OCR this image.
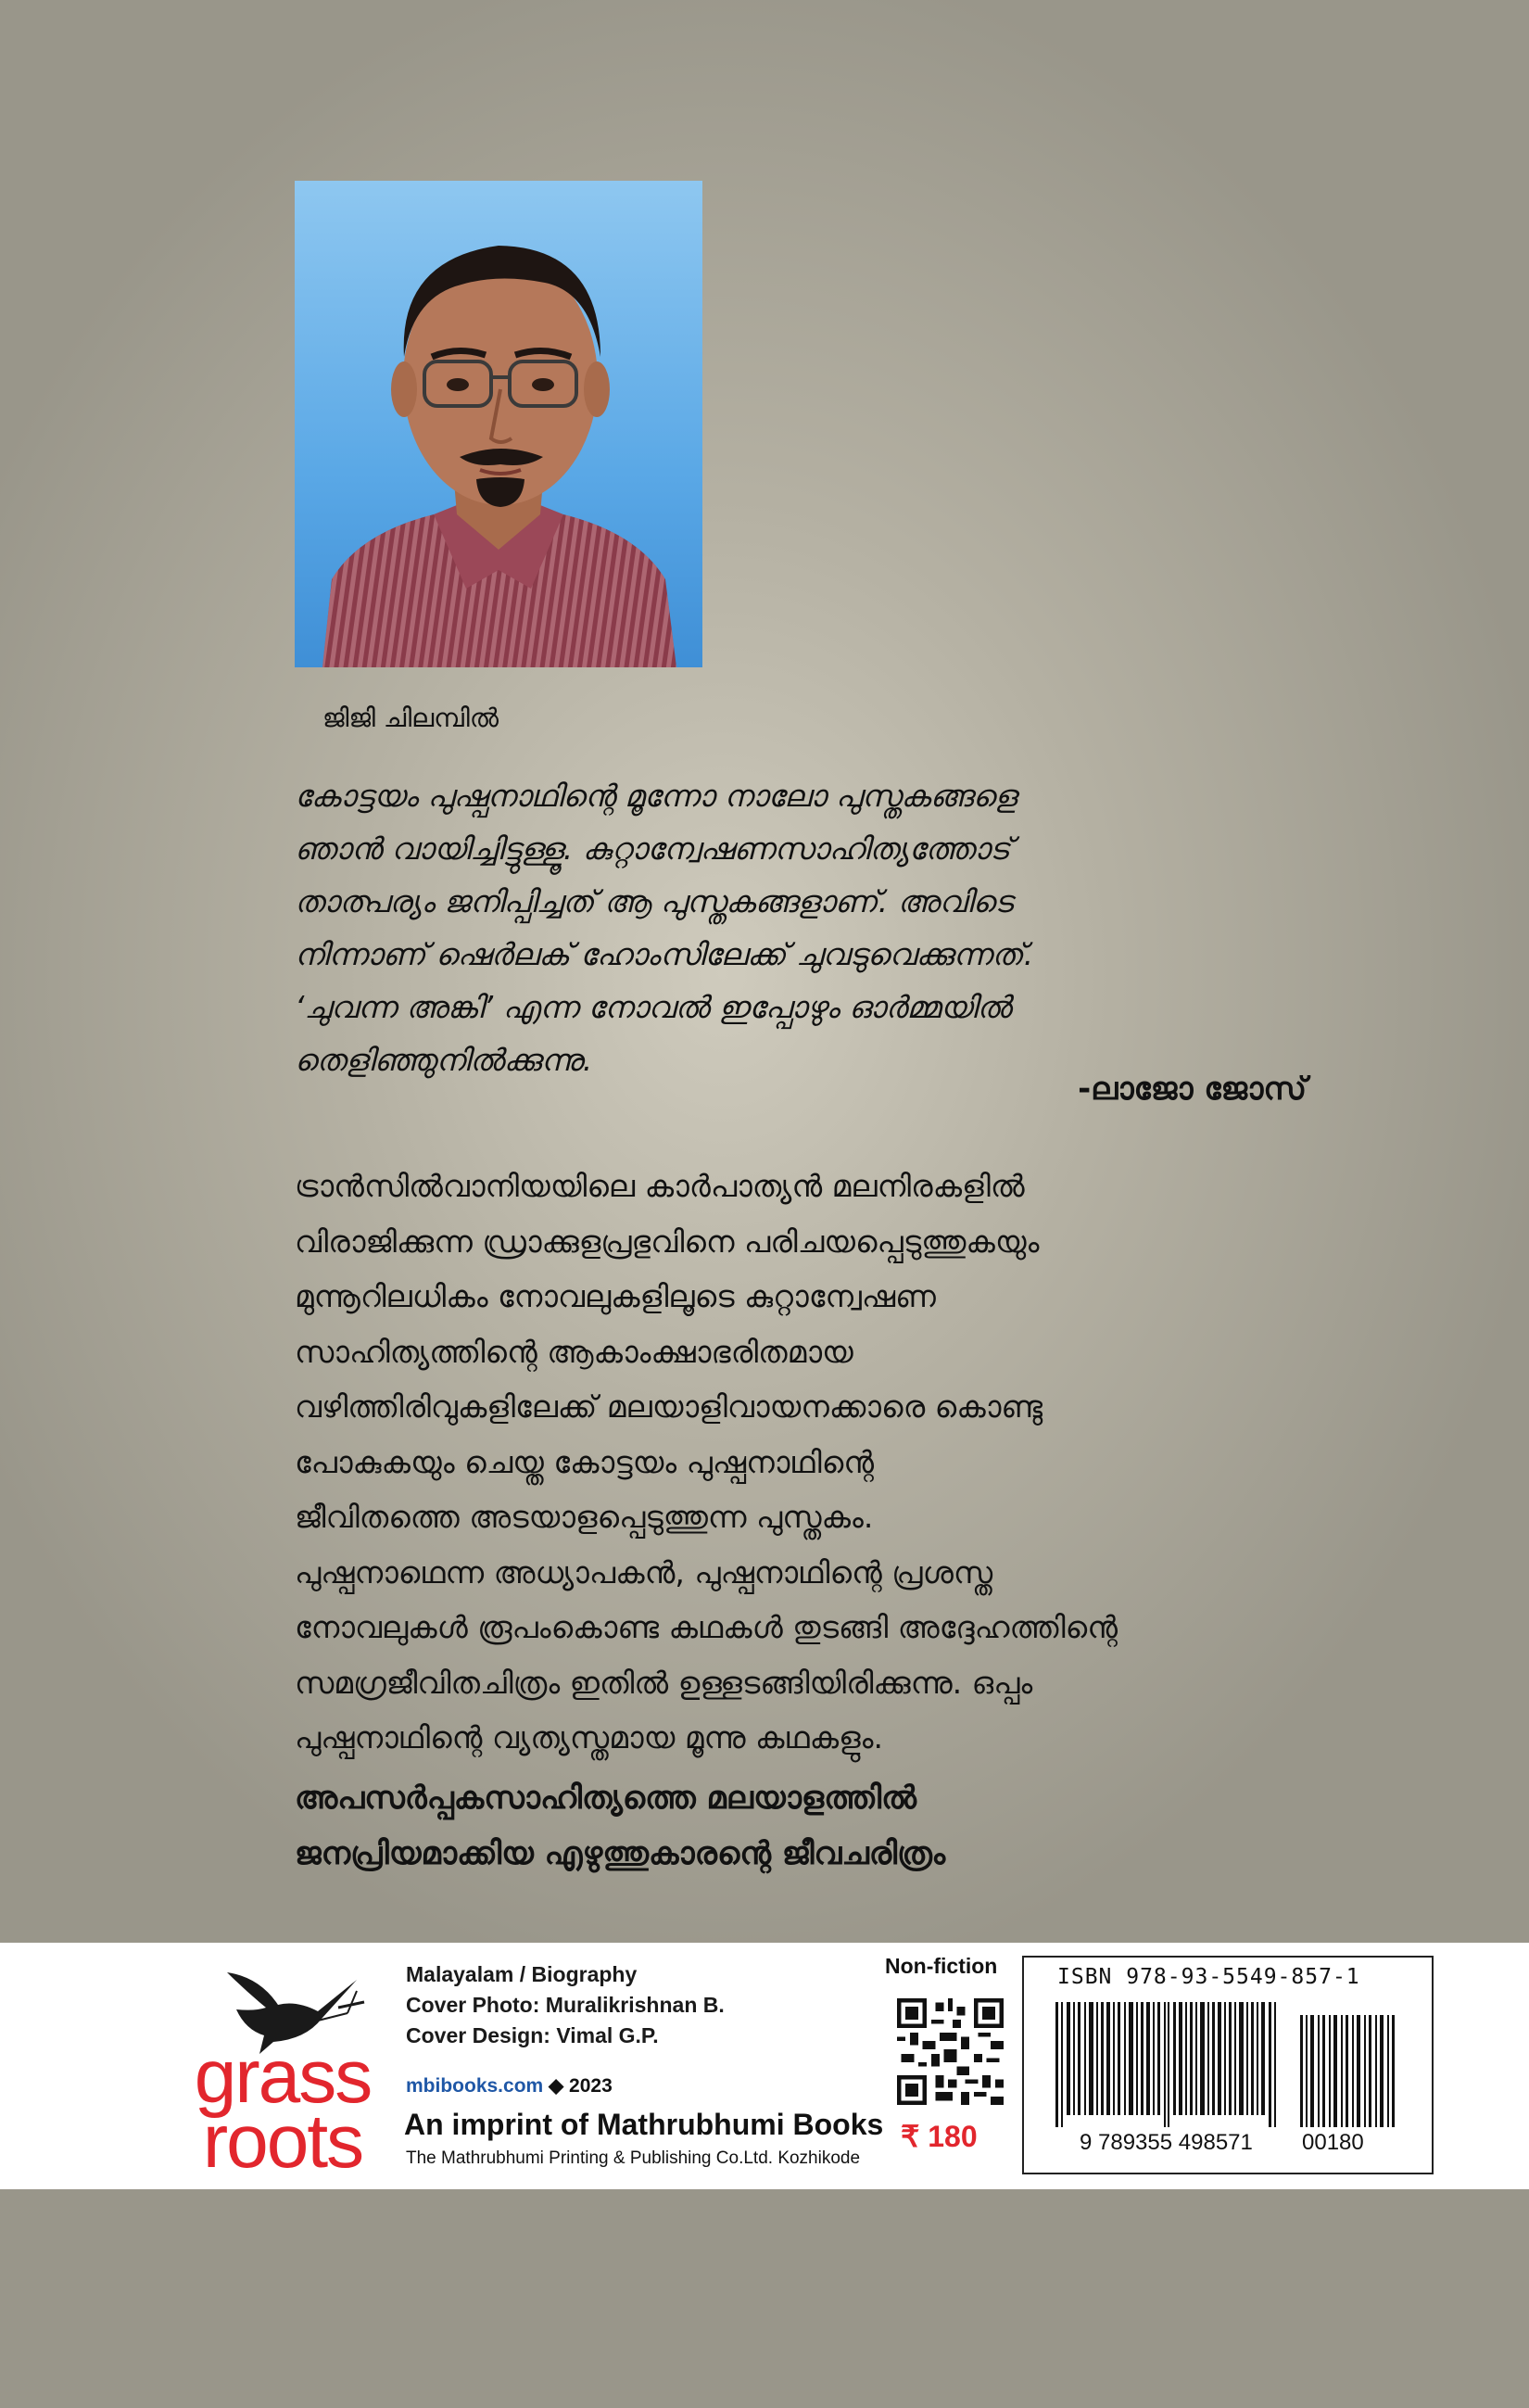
ജിജി ചിലമ്പിൽ
കോട്ടയം പുഷ്പനാഥിന്റെ മൂന്നോ നാലോ പുസ്തകങ്ങളെ
ഞാൻ വായിച്ചിട്ടുള്ളൂ. കുറ്റാന്വേഷണസാഹിത്യത്തോട്
താത്പര്യം ജനിപ്പിച്ചത് ആ പുസ്തകങ്ങളാണ്. അവിടെ
നിന്നാണ് ഷെർലക് ഹോംസിലേക്ക് ചുവടുവെക്കുന്നത്.
‘ചുവന്ന അങ്കി’ എന്ന നോവൽ ഇപ്പോഴും ഓർമ്മയിൽ
തെളിഞ്ഞുനിൽക്കുന്നു.
-ലാജോ ജോസ്
ട്രാൻസിൽവാനിയയിലെ കാർപാത്യൻ മലനിരകളിൽ
വിരാജിക്കുന്ന ഡ്രാക്കുളപ്രഭുവിനെ പരിചയപ്പെടുത്തുകയും
മുന്നൂറിലധികം നോവലുകളിലൂടെ കുറ്റാന്വേഷണ
സാഹിത്യത്തിന്റെ ആകാംക്ഷാഭരിതമായ
വഴിത്തിരിവുകളിലേക്ക് മലയാളിവായനക്കാരെ കൊണ്ടു
പോകുകയും ചെയ്ത കോട്ടയം പുഷ്പനാഥിന്റെ
ജീവിതത്തെ അടയാളപ്പെടുത്തുന്ന പുസ്തകം.
പുഷ്പനാഥെന്ന അധ്യാപകൻ, പുഷ്പനാഥിന്റെ പ്രശസ്ത
നോവലുകൾ രൂപംകൊണ്ട കഥകൾ തുടങ്ങി അദ്ദേഹത്തിന്റെ
സമഗ്രജീവിതചിത്രം ഇതിൽ ഉള്ളടങ്ങിയിരിക്കുന്നു. ഒപ്പം
പുഷ്പനാഥിന്റെ വ്യത്യസ്തമായ മൂന്നു കഥകളും.
അപസർപ്പകസാഹിത്യത്തെ മലയാളത്തിൽ
ജനപ്രിയമാക്കിയ എഴുത്തുകാരന്റെ ജീവചരിത്രം
grass
roots
Malayalam / Biography
Cover Photo: Muralikrishnan B.
Cover Design: Vimal G.P.
mbibooks.com ◆ 2023
An imprint of Mathrubhumi Books
The Mathrubhumi Printing & Publishing Co.Ltd. Kozhikode
Non-fiction
₹ 180
ISBN 978-93-5549-857-1
9 789355 498571 00180
